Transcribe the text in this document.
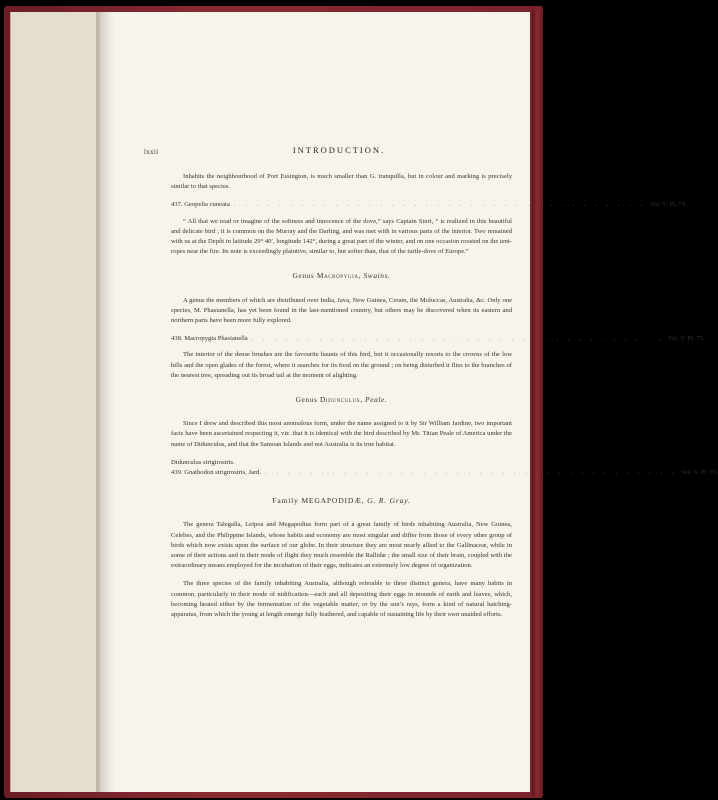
lxxii	INTRODUCTION.

Inhabits the neighbourhood of Port Essington, is much smaller than G. tranquilla, but in colour and marking is precisely similar to that species.

437. Geopelia cuneata . . . . . . . . . . . . . . . . . . . . . . . . . . . . . . . . . . . . . Vol. V. Pl. 74.

“ All that we read or imagine of the softness and innocence of the dove,” says Captain Sturt, “ is realized in this beautiful and delicate bird ; it is common on the Murray and the Darling, and was met with in various parts of the interior. Two remained with us at the Depôt in latitude 29° 40′, longitude 142°, during a great part of the winter, and on one occasion roosted on the tent-ropes near the fire. Its note is exceedingly plaintive, similar to, but softer than, that of the turtle-dove of Europe.”

Genus Macropygia, Swains.

A genus the members of which are distributed over India, Java, New Guinea, Ceram, the Moluccas, Australia, &c. Only one species, M. Phasianella, has yet been found in the last-mentioned country, but others may be discovered when its eastern and northern parts have been more fully explored.

438. Macropygia Phasianella . . . . . . . . . . . . . . . . . . . . . . . . . . . . . . . . . . . . . Vol. V. Pl. 75.

The interior of the dense brushes are the favourite haunts of this bird, but it occasionally resorts to the crowns of the low hills and the open glades of the forest, where it searches for its food on the ground ; on being disturbed it flies to the branches of the nearest tree, spreading out its broad tail at the moment of alighting.

Genus Didunculus, Peale.

Since I drew and described this most anomalous form, under the name assigned to it by Sir William Jardine, two important facts have been ascertained respecting it, viz. that it is identical with the bird described by Mr. Titian Peale of America under the name of Didunculus, and that the Samoan Islands and not Australia is its true habitat.

Didunculus strigirostris.

439. Gnathodon strigirostris, Jard. . . . . . . . . . . . . . . . . . . . . . . . . . . . . . . . . . . . . . Vol. V. Pl. 76.
Family MEGAPODIDÆ, G. R. Gray.

The genera Talegalla, Leipoa and Megapodius form part of a great family of birds inhabiting Australia, New Guinea, Celebes, and the Philippine Islands, whose habits and economy are most singular and differ from those of every other group of birds which now exists upon the surface of our globe. In their structure they are most nearly allied to the Gallinaceæ, while in some of their actions and in their mode of flight they much resemble the Rallidæ ; the small size of their brain, coupled with the extraordinary means employed for the incubation of their eggs, indicates an extremely low degree of organization.

The three species of the family inhabiting Australia, although referable to three distinct genera, have many habits in common, particularly in their mode of nidification—each and all depositing their eggs in mounds of earth and leaves, which, becoming heated either by the fermentation of the vegetable matter, or by the sun’s rays, form a kind of natural hatching-apparatus, from which the young at length emerge fully feathered, and capable of sustaining life by their own unaided efforts.
